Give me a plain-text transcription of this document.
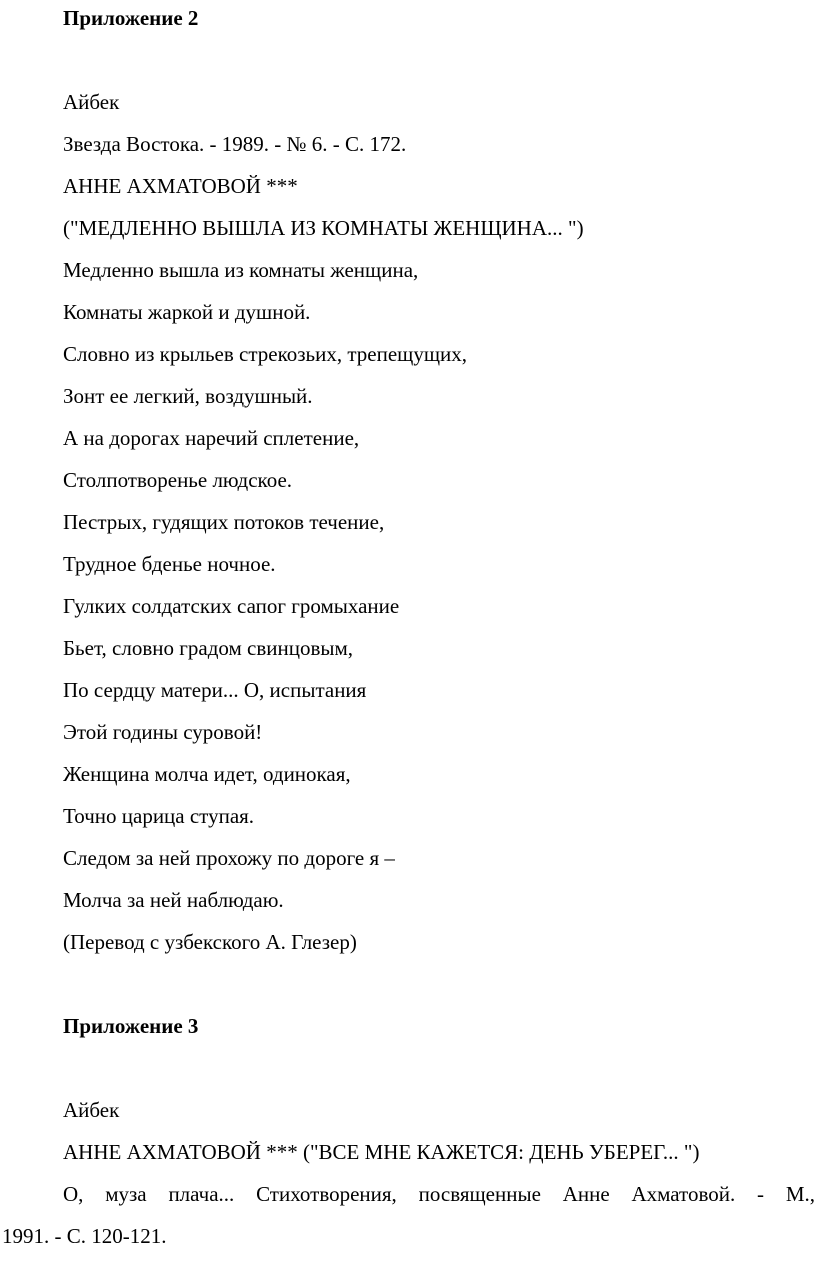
Приложение 2
Айбек
Звезда Востока. - 1989. - № 6. - С. 172.
АННЕ АХМАТОВОЙ ***
("МЕДЛЕННО ВЫШЛА ИЗ КОМНАТЫ ЖЕНЩИНА... ")
Медленно вышла из комнаты женщина,
Комнаты жаркой и душной.
Словно из крыльев стрекозьих, трепещущих,
Зонт ее легкий, воздушный.
А на дорогах наречий сплетение,
Столпотворенье людское.
Пестрых, гудящих потоков течение,
Трудное бденье ночное.
Гулких солдатских сапог громыхание
Бьет, словно градом свинцовым,
По сердцу матери... О, испытания
Этой годины суровой!
Женщина молча идет, одинокая,
Точно царица ступая.
Следом за ней прохожу по дороге я –
Молча за ней наблюдаю.
(Перевод с узбекского А. Глезер)
Приложение 3
Айбек
АННЕ АХМАТОВОЙ *** ("ВСЕ МНЕ КАЖЕТСЯ: ДЕНЬ УБЕРЕГ... ")
О, муза плача... Стихотворения, посвященные Анне Ахматовой. - М.,
1991. - С. 120-121.
